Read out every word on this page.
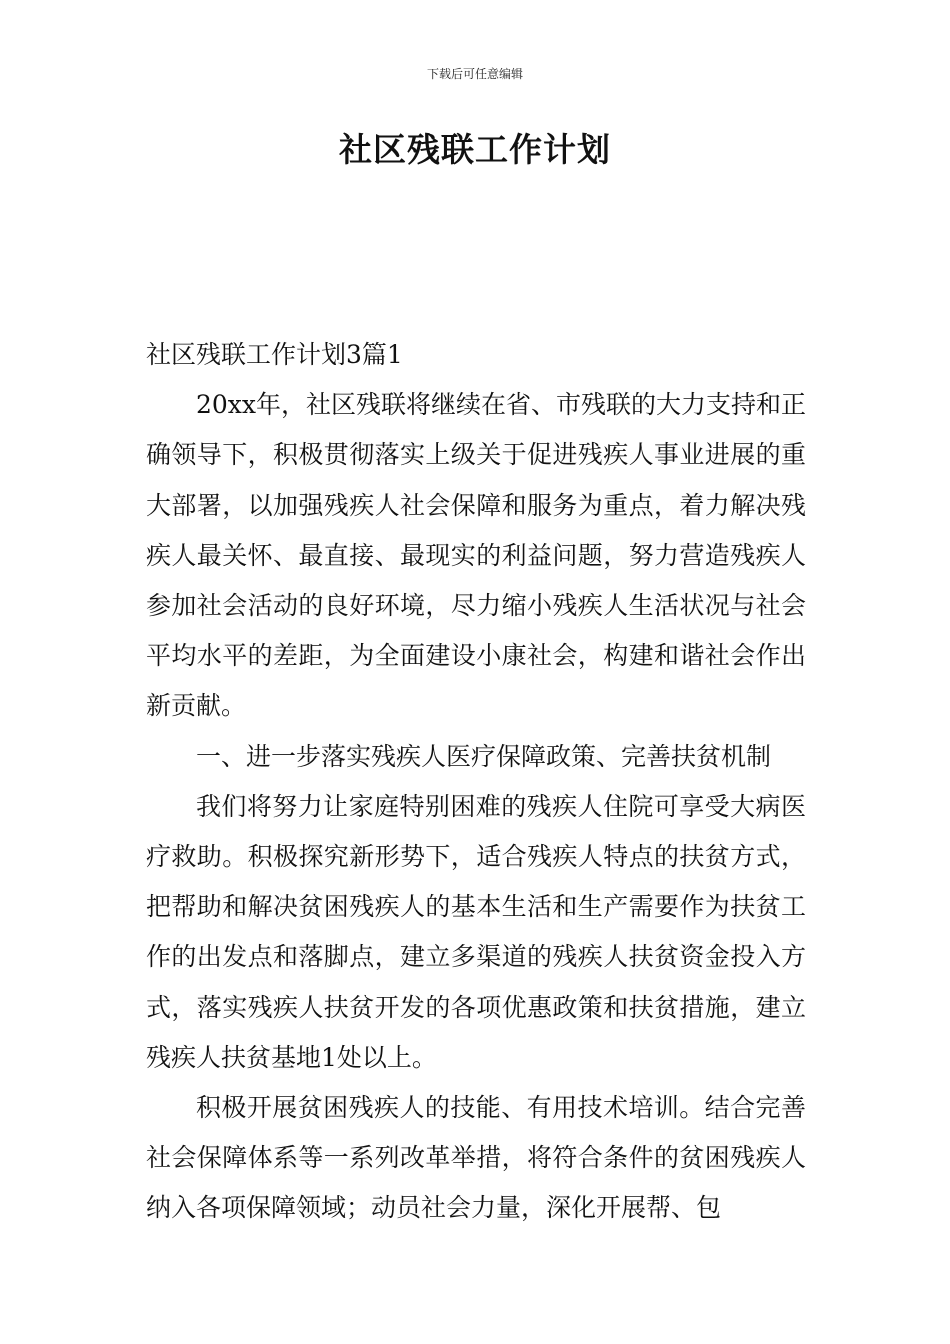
下载后可任意编辑
社区残联工作计划

社区残联工作计划3篇1

20xx年，社区残联将继续在省、市残联的大力支持和正确领导下，积极贯彻落实上级关于促进残疾人事业进展的重大部署，以加强残疾人社会保障和服务为重点，着力解决残疾人最关怀、最直接、最现实的利益问题，努力营造残疾人参加社会活动的良好环境，尽力缩小残疾人生活状况与社会平均水平的差距，为全面建设小康社会，构建和谐社会作出新贡献。

一、进一步落实残疾人医疗保障政策、完善扶贫机制

我们将努力让家庭特别困难的残疾人住院可享受大病医疗救助。积极探究新形势下，适合残疾人特点的扶贫方式，把帮助和解决贫困残疾人的基本生活和生产需要作为扶贫工作的出发点和落脚点，建立多渠道的残疾人扶贫资金投入方式，落实残疾人扶贫开发的各项优惠政策和扶贫措施，建立残疾人扶贫基地1处以上。

积极开展贫困残疾人的技能、有用技术培训。结合完善社会保障体系等一系列改革举措，将符合条件的贫困残疾人纳入各项保障领域；动员社会力量，深化开展帮、包
